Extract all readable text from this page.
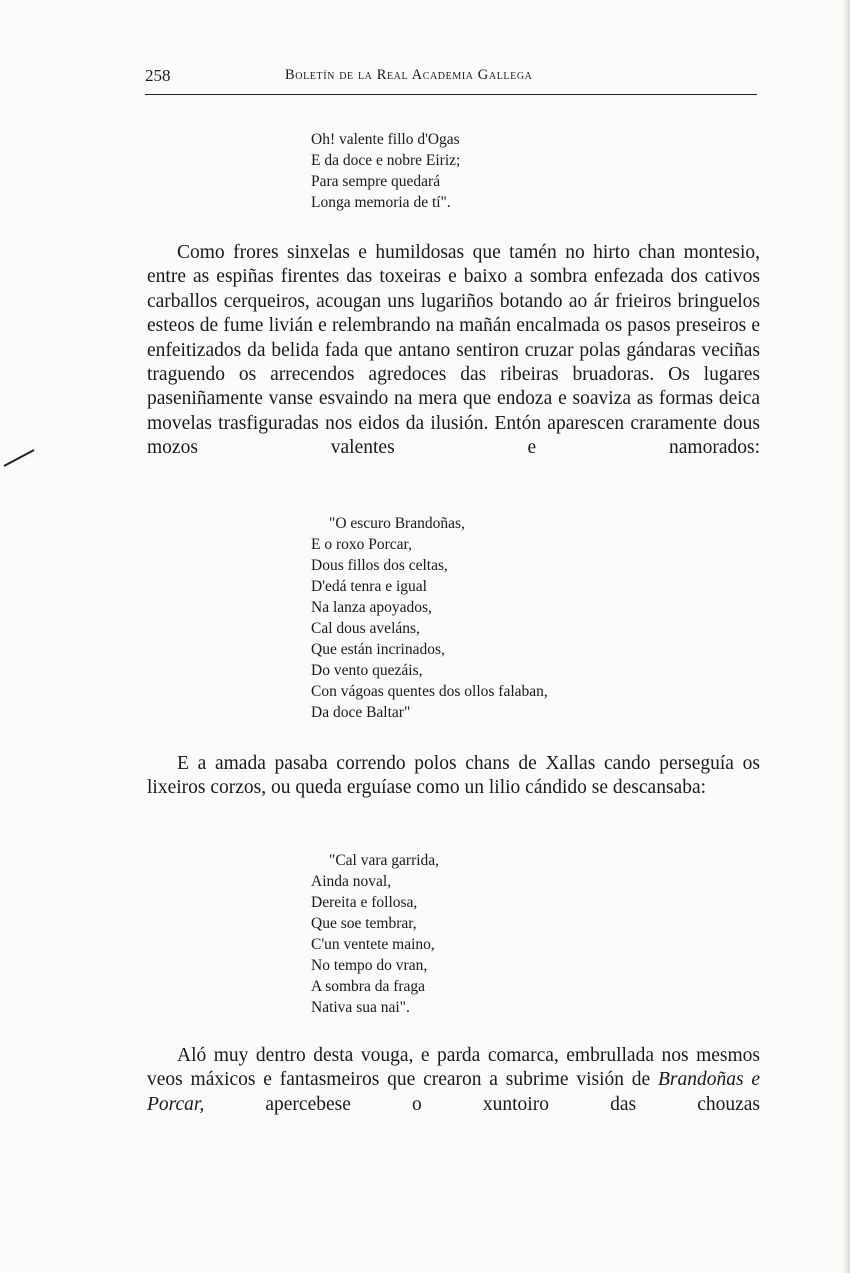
258	Boletín de la Real Academia Gallega
Oh! valente fillo d'Ogas
E da doce e nobre Eiriz;
Para sempre quedará
Longa memoria de tí".

Como frores sinxelas e humildosas que tamén no hirto chan montesio, entre as espiñas firentes das toxeiras e baixo a sombra enfezada dos cativos carballos cerqueiros, acougan uns lugariños botando ao ár frieiros bringuelos esteos de fume livián e relembrando na mañán encalmada os pasos preseiros e enfeitizados da belida fada que antano sentiron cruzar polas gándaras veciñas traguendo os arrecendos agredoces das ribeiras bruadoras. Os lugares paseniñamente vanse esvaindo na mera que endoza e soaviza as formas deica movelas trasfiguradas nos eidos da ilusión. Entón aparescen craramente dous mozos valentes e namorados:

"O escuro Brandoñas,
E o roxo Porcar,
Dous fillos dos celtas,
D'edá tenra e igual
Na lanza apoyados,
Cal dous aveláns,
Que están incrinados,
Do vento quezáis,
Con vágoas quentes dos ollos falaban,
Da doce Baltar"

E a amada pasaba correndo polos chans de Xallas cando perseguía os lixeiros corzos, ou queda erguíase como un lilio cándido se descansaba:

"Cal vara garrida,
Ainda noval,
Dereita e follosa,
Que soe tembrar,
C'un ventete maino,
No tempo do vran,
A sombra da fraga
Nativa sua nai".

Aló muy dentro desta vouga, e parda comarca, embrullada nos mesmos veos máxicos e fantasmeiros que crearon a subrime visión de Brandoñas e Porcar, apercebese o xuntoiro das chouzas
